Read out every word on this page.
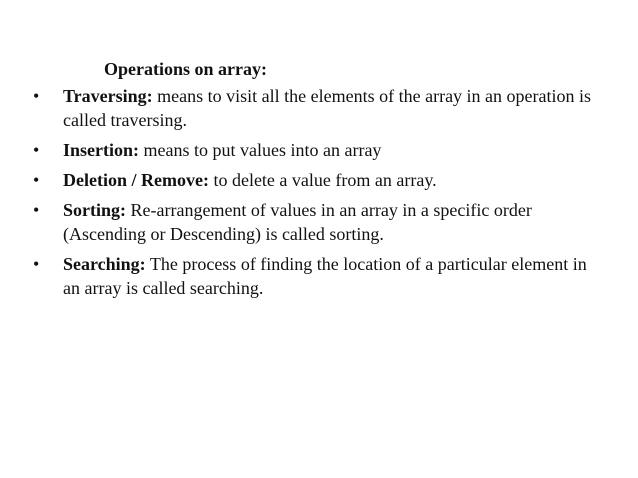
Operations on array:
• Traversing: means to visit all the elements of the array in an operation is called traversing.
• Insertion: means to put values into an array
• Deletion / Remove: to delete a value from an array.
• Sorting: Re-arrangement of values in an array in a specific order (Ascending or Descending) is called sorting.
• Searching: The process of finding the location of a particular element in an array is called searching.
